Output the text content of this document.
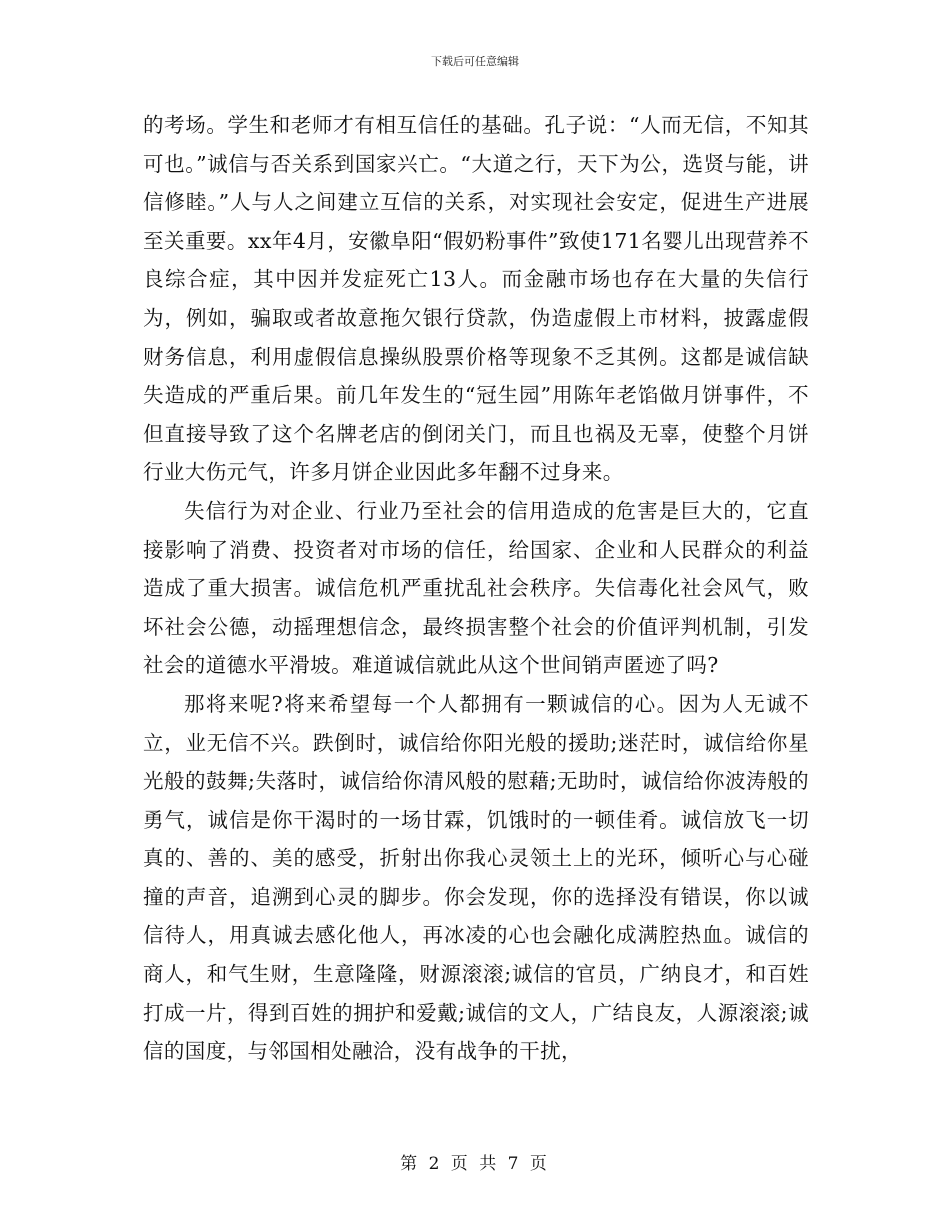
下载后可任意编辑

的考场。学生和老师才有相互信任的基础。孔子说：“人而无信，不知其可也。”诚信与否关系到国家兴亡。“大道之行，天下为公，选贤与能，讲信修睦。”人与人之间建立互信的关系，对实现社会安定，促进生产进展至关重要。xx年4月，安徽阜阳“假奶粉事件”致使171名婴儿出现营养不良综合症，其中因并发症死亡13人。而金融市场也存在大量的失信行为，例如，骗取或者故意拖欠银行贷款，伪造虚假上市材料，披露虚假财务信息，利用虚假信息操纵股票价格等现象不乏其例。这都是诚信缺失造成的严重后果。前几年发生的“冠生园”用陈年老馅做月饼事件，不但直接导致了这个名牌老店的倒闭关门，而且也祸及无辜，使整个月饼行业大伤元气，许多月饼企业因此多年翻不过身来。

失信行为对企业、行业乃至社会的信用造成的危害是巨大的，它直接影响了消费、投资者对市场的信任，给国家、企业和人民群众的利益造成了重大损害。诚信危机严重扰乱社会秩序。失信毒化社会风气，败坏社会公德，动摇理想信念，最终损害整个社会的价值评判机制，引发社会的道德水平滑坡。难道诚信就此从这个世间销声匿迹了吗?

那将来呢?将来希望每一个人都拥有一颗诚信的心。因为人无诚不立，业无信不兴。跌倒时，诚信给你阳光般的援助;迷茫时，诚信给你星光般的鼓舞;失落时，诚信给你清风般的慰藉;无助时，诚信给你波涛般的勇气，诚信是你干渴时的一场甘霖，饥饿时的一顿佳肴。诚信放飞一切真的、善的、美的感受，折射出你我心灵领土上的光环，倾听心与心碰撞的声音，追溯到心灵的脚步。你会发现，你的选择没有错误，你以诚信待人，用真诚去感化他人，再冰凌的心也会融化成满腔热血。诚信的商人，和气生财，生意隆隆，财源滚滚;诚信的官员，广纳良才，和百姓打成一片，得到百姓的拥护和爱戴;诚信的文人，广结良友，人源滚滚;诚信的国度，与邻国相处融洽，没有战争的干扰，

第 2 页 共 7 页
